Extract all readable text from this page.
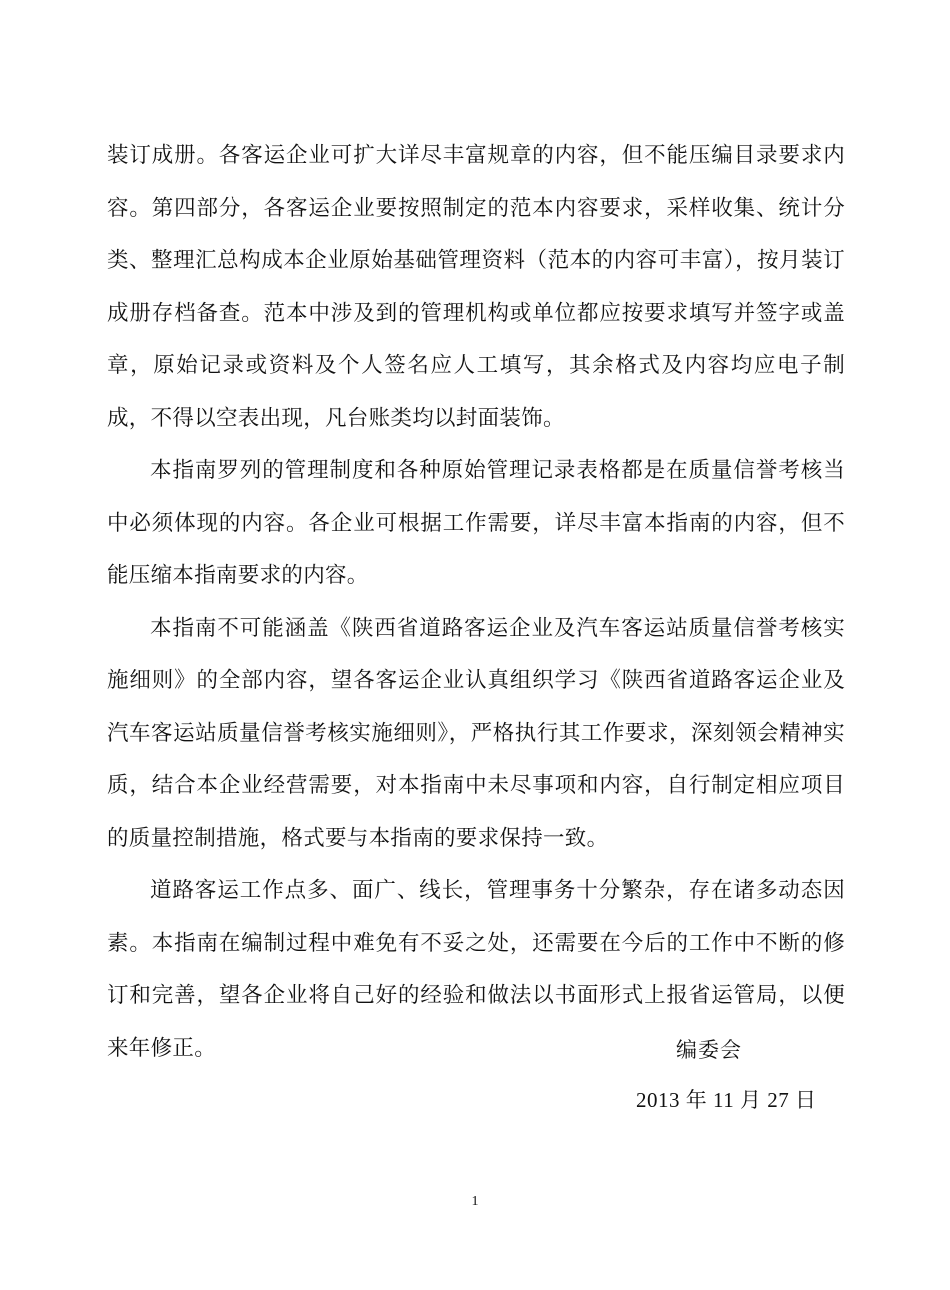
装订成册。各客运企业可扩大详尽丰富规章的内容，但不能压编目录要求内容。第四部分，各客运企业要按照制定的范本内容要求，采样收集、统计分类、整理汇总构成本企业原始基础管理资料（范本的内容可丰富），按月装订成册存档备查。范本中涉及到的管理机构或单位都应按要求填写并签字或盖章，原始记录或资料及个人签名应人工填写，其余格式及内容均应电子制成，不得以空表出现，凡台账类均以封面装饰。

本指南罗列的管理制度和各种原始管理记录表格都是在质量信誉考核当中必须体现的内容。各企业可根据工作需要，详尽丰富本指南的内容，但不能压缩本指南要求的内容。

本指南不可能涵盖《陕西省道路客运企业及汽车客运站质量信誉考核实施细则》的全部内容，望各客运企业认真组织学习《陕西省道路客运企业及汽车客运站质量信誉考核实施细则》，严格执行其工作要求，深刻领会精神实质，结合本企业经营需要，对本指南中未尽事项和内容，自行制定相应项目的质量控制措施，格式要与本指南的要求保持一致。

道路客运工作点多、面广、线长，管理事务十分繁杂，存在诸多动态因素。本指南在编制过程中难免有不妥之处，还需要在今后的工作中不断的修订和完善，望各企业将自己好的经验和做法以书面形式上报省运管局，以便来年修正。	编委会
2013 年 11 月 27 日
1
